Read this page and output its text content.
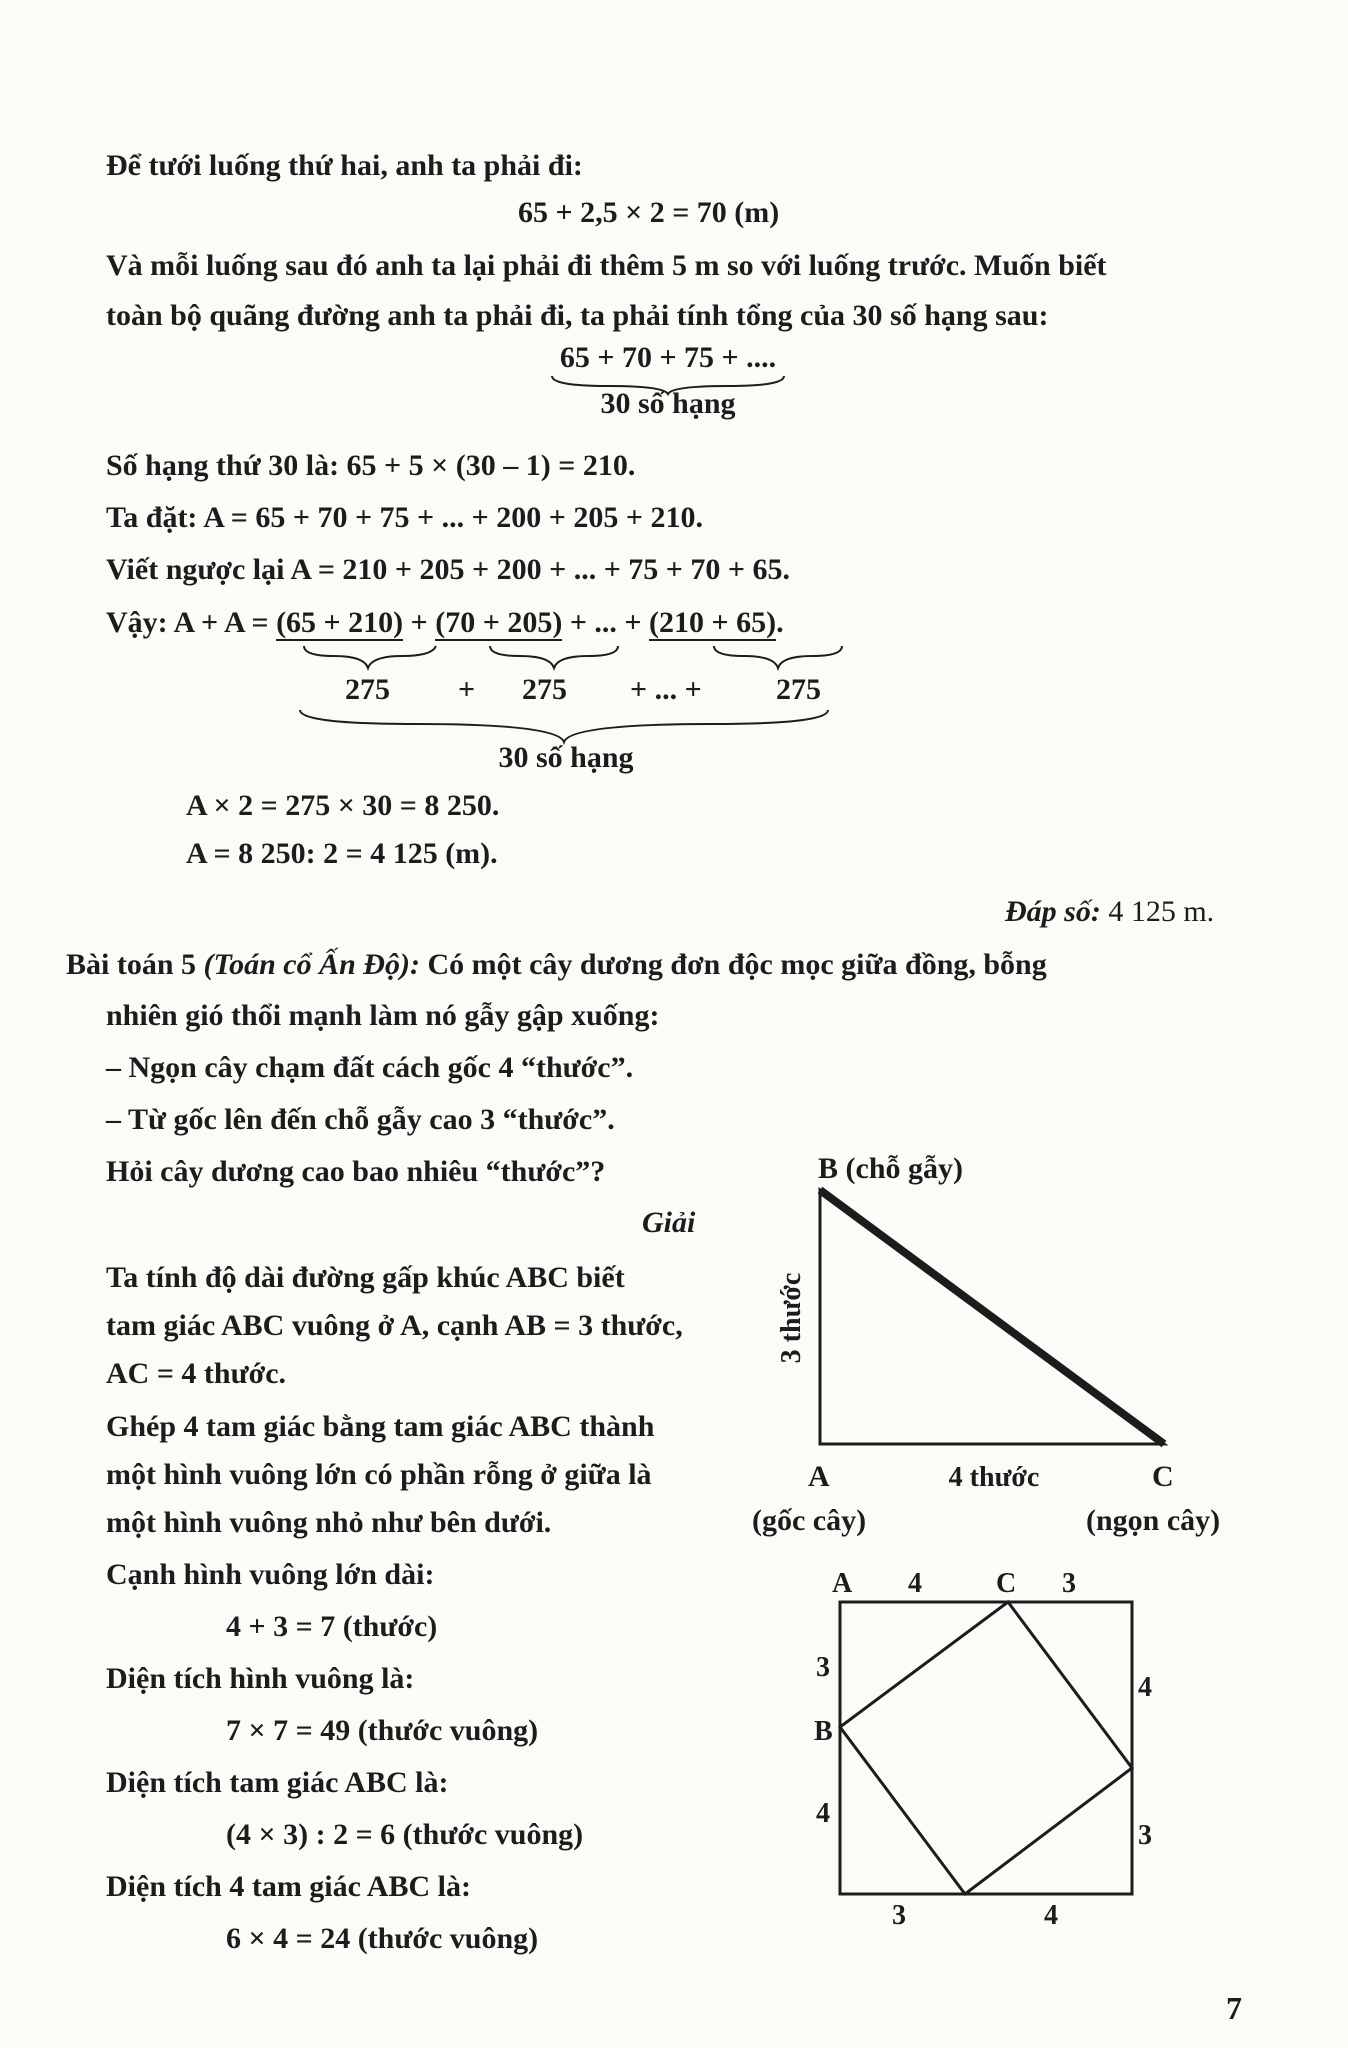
Để tưới luống thứ hai, anh ta phải đi:
65 + 2,5 × 2 = 70 (m)
Và mỗi luống sau đó anh ta lại phải đi thêm 5 m so với luống trước. Muốn biết
toàn bộ quãng đường anh ta phải đi, ta phải tính tổng của 30 số hạng sau:
65 + 70 + 75 + ....
30 số hạng
Số hạng thứ 30 là: 65 + 5 × (30 – 1) = 210.
Ta đặt: A = 65 + 70 + 75 + ... + 200 + 205 + 210.
Viết ngược lại A = 210 + 205 + 200 + ... + 75 + 70 + 65.
Vậy: A + A = (65 + 210) + (70 + 205) + ... + (210 + 65).
275 + 275 + ... + 275
30 số hạng
A × 2 = 275 × 30 = 8 250.
A = 8 250: 2 = 4 125 (m).
Đáp số: 4 125 m.
Bài toán 5 (Toán cổ Ấn Độ): Có một cây dương đơn độc mọc giữa đồng, bỗng
nhiên gió thổi mạnh làm nó gẫy gập xuống:
– Ngọn cây chạm đất cách gốc 4 “thước”.
– Từ gốc lên đến chỗ gẫy cao 3 “thước”.
Hỏi cây dương cao bao nhiêu “thước”?
Giải
Ta tính độ dài đường gấp khúc ABC biết
tam giác ABC vuông ở A, cạnh AB = 3 thước,
AC = 4 thước.
Ghép 4 tam giác bằng tam giác ABC thành
một hình vuông lớn có phần rỗng ở giữa là
một hình vuông nhỏ như bên dưới.
Cạnh hình vuông lớn dài:
4 + 3 = 7 (thước)
Diện tích hình vuông là:
7 × 7 = 49 (thước vuông)
Diện tích tam giác ABC là:
(4 × 3) : 2 = 6 (thước vuông)
Diện tích 4 tam giác ABC là:
6 × 4 = 24 (thước vuông)
B (chỗ gẫy)
3 thước
A	C
4 thước
(gốc cây)	(ngọn cây)
A 4	C 3
3
B
4
4
3
3	4
7
